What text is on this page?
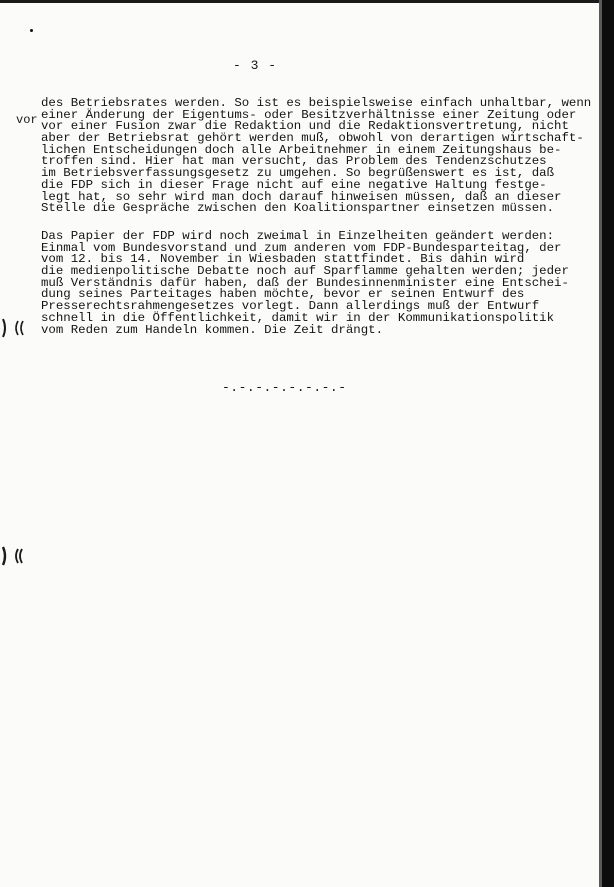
- 3 -
vor
des Betriebsrates werden. So ist es beispielsweise einfach unhaltbar, wenn
einer Änderung der Eigentums- oder Besitzverhältnisse einer Zeitung oder
vor einer Fusion zwar die Redaktion und die Redaktionsvertretung, nicht
aber der Betriebsrat gehört werden muß, obwohl von derartigen wirtschaft-
lichen Entscheidungen doch alle Arbeitnehmer in einem Zeitungshaus be-
troffen sind. Hier hat man versucht, das Problem des Tendenzschutzes
im Betriebsverfassungsgesetz zu umgehen. So begrüßenswert es ist, daß
die FDP sich in dieser Frage nicht auf eine negative Haltung festge-
legt hat, so sehr wird man doch darauf hinweisen müssen, daß an dieser
Stelle die Gespräche zwischen den Koalitionspartner einsetzen müssen.
Das Papier der FDP wird noch zweimal in Einzelheiten geändert werden:
Einmal vom Bundesvorstand und zum anderen vom FDP-Bundesparteitag, der
vom 12. bis 14. November in Wiesbaden stattfindet. Bis dahin wird
die medienpolitische Debatte noch auf Sparflamme gehalten werden; jeder
muß Verständnis dafür haben, daß der Bundesinnenminister eine Entschei-
dung seines Parteitages haben möchte, bevor er seinen Entwurf des
Presserechtsrahmengesetzes vorlegt. Dann allerdings muß der Entwurf
schnell in die Öffentlichkeit, damit wir in der Kommunikationspolitik
vom Reden zum Handeln kommen. Die Zeit drängt.
-.-.-.-.-.-.-.-
